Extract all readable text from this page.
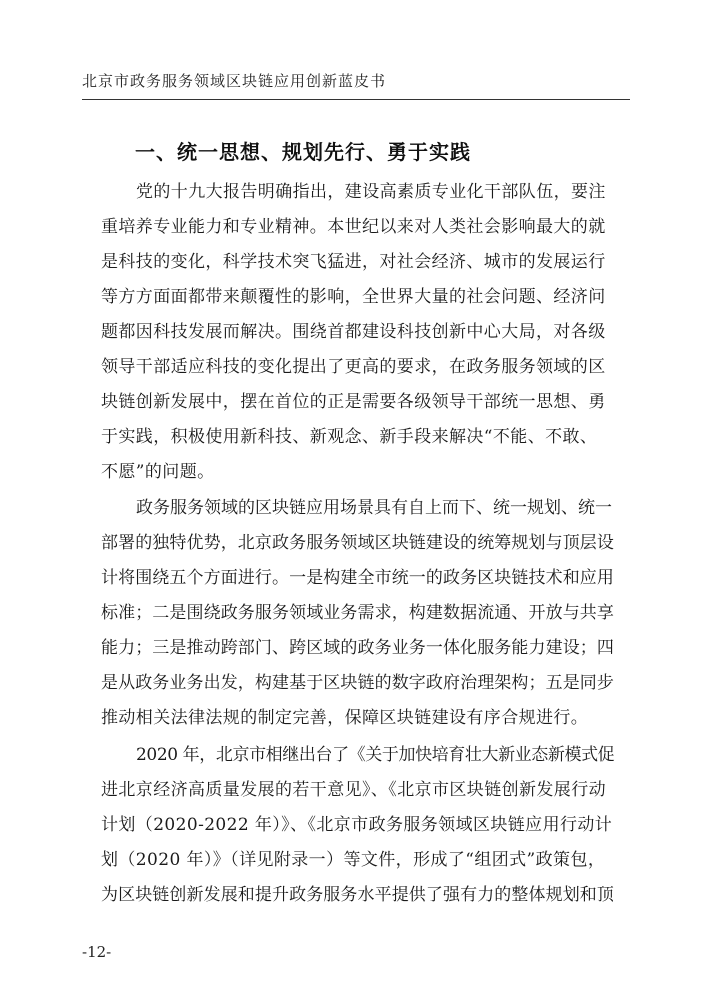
北京市政务服务领域区块链应用创新蓝皮书
一、统一思想、规划先行、勇于实践
党的十九大报告明确指出，建设高素质专业化干部队伍，要注
重培养专业能力和专业精神。本世纪以来对人类社会影响最大的就
是科技的变化，科学技术突飞猛进，对社会经济、城市的发展运行
等方方面面都带来颠覆性的影响，全世界大量的社会问题、经济问
题都因科技发展而解决。围绕首都建设科技创新中心大局，对各级
领导干部适应科技的变化提出了更高的要求，在政务服务领域的区
块链创新发展中，摆在首位的正是需要各级领导干部统一思想、勇
于实践，积极使用新科技、新观念、新手段来解决“不能、不敢、
不愿”的问题。
政务服务领域的区块链应用场景具有自上而下、统一规划、统一
部署的独特优势，北京政务服务领域区块链建设的统筹规划与顶层设
计将围绕五个方面进行。一是构建全市统一的政务区块链技术和应用
标准；二是围绕政务服务领域业务需求，构建数据流通、开放与共享
能力；三是推动跨部门、跨区域的政务业务一体化服务能力建设；四
是从政务业务出发，构建基于区块链的数字政府治理架构；五是同步
推动相关法律法规的制定完善，保障区块链建设有序合规进行。
2020 年，北京市相继出台了《关于加快培育壮大新业态新模式促
进北京经济高质量发展的若干意见》、《北京市区块链创新发展行动
计划（2020-2022 年）》、《北京市政务服务领域区块链应用行动计
划（2020 年）》（详见附录一）等文件，形成了“组团式”政策包，
为区块链创新发展和提升政务服务水平提供了强有力的整体规划和顶
-12-
